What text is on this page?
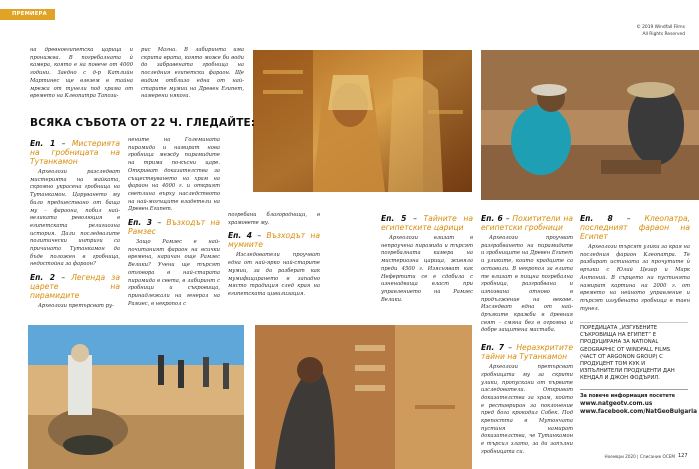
ПРЕМИЕРА
© 2019 Windfall Films
All Rights Reserved

на древноегипетска царица и пронижва. В погребалната ѝ камера, която е на повече от 4000 години. Заедно с д-р Катлийн Мартинес ще влезем в тайна мрежа от тунели под храма от времето на Клеопатра Тапози-

рис Магна. В лабиринта има скрита врата, която може би води до забравената гробница на последния египетски фараон. Ще видим отблизо една от най-старите мумии на Древен Египет, намерени някога.

ВСЯКА СЪБОТА ОТ 22 Ч. ГЛЕДАЙТЕ:
Еп. 1 – Мистерията на гробницата на Тутанкамон

Археолози разследват мистерията на майката, скромно украсена гробница на Тутанкамон. Царуването му било предшествано от баща му – фараона, побил най-великата революция в египетската религиозна история. Дали последвалите политически интриги са причината Тутанкамон да бъде положен в гробница, недостойна за фараон?

Еп. 2 – Легенда за царете на пирамидите

Археолози претърсват ру-

нените на Големината пирамида и намират нова гробница между пирамидите на трима по-късни царе. Откриват доказателства за съществуването на храм на фараон на 4000 г. и открият светлина върху наследството на най-могъщите владетели на Древен Египет.

Еп. 3 – Възходът на Рамзес

Защо Рамзес е най-почитаният фараон на всички времена, наричан още Рамзес Велики? Учени ще търсят отговора в най-старата пирамида в света, в лабиринт с гробници и съкровища, принадлежали на генерал на Рамзес, в некропол с

погребани благородници, в храмовете му.

Еп. 4 – Възходът на мумиите

Изследователи проучват една от най-ярко най-старите мумии, за да разберат как мумифицирането в западно място традиция след края на египетската цивилизация.

Еп. 5 – Тайните на египетските царици

Археолози влизат в непроучена пирамида и търсят погребалната камера на мистериозна царица, живяла преди 4500 г. Изясняват как Нефертити се е сдобила с изненадваща власт при управлението на Рамзес Велики.

Еп. 6 – Похитители на египетски гробници

Археолози проучват разграбването на пирамидите и гробниците на Древен Египет и уликите, които крадците са оставили. В некропол за елита те влизат в пищна погребална гробница, разграбвана и изпозвана отново в продължение на векове. Изследват една от най-дръзките кражби в древния свят – смяна без в огромна и добре защитена мастаба.

Еп. 7 – Неразкритите тайни на Тутанкамон

Археолози претърсват гробницата му за скрити улики, пропускани от първите изследователи. Откриват доказателства за храм, който е реставриран за поклонение пред бога крокодил Собек. Под крепостта в Мутончата пустиня намират доказателства, че Тутанкамон е търсил злато, за да запълни гробницата си.

Еп. 8 – Клеопатра, последният фараон на Египет

Археолози търсят улики за края на последния фараон Клеопатра. Те разбират истината за прочутите ѝ връзки с Юлий Цезар и Марк Антоний. В сърцето на пустинята намират картина на 2000 г. от времето на нейното управление и търсят изгубената гробница в таен тунел.

ПОРЕДИЦАТА „ИЗГУБЕНИТЕ СЪКРОВИЩА НА ЕГИПЕТ“ Е ПРОДУЦИРАНА ЗА NATIONAL GEOGRAPHIC ОТ WINDFALL FILMS (ЧАСТ ОТ ARGONON GROUP) С ПРОДУЦЕНТ ТОМ КУК И ИЗПЪЛНИТЕЛИ ПРОДУЦЕНТИ ДАН КЕНДАЛ И ДЖОН ФОДЪРИЛ.
За повече информация посетете
www.natgeotv.com.us
www.facebook.com/NatGeoBulgaria
Ноември 2020 | Списание ОСЕМ 127
